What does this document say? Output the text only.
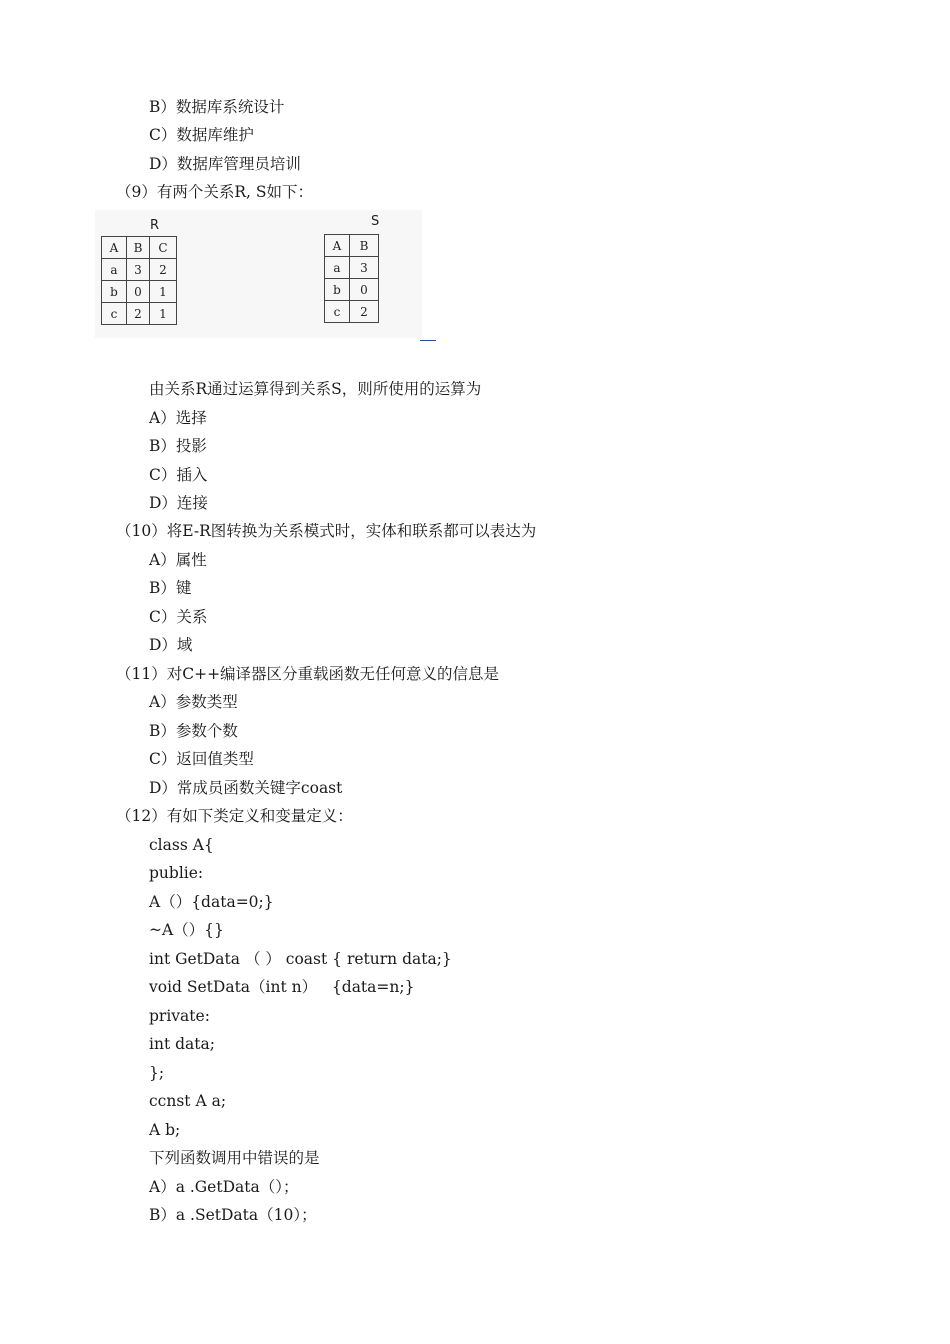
B）数据库系统设计
C）数据库维护
D）数据库管理员培训
（9）有两个关系R, S如下：
R
A	B	C
a	3	2
b	0	1
c	2	1
S
A	B
a	3
b	0
c	2
由关系R通过运算得到关系S，则所使用的运算为
A）选择
B）投影
C）插入
D）连接
（10）将E-R图转换为关系模式时，实体和联系都可以表达为
A）属性
B）键
C）关系
D）域
（11）对C++编译器区分重载函数无任何意义的信息是
A）参数类型
B）参数个数
C）返回值类型
D）常成员函数关键字coast
（12）有如下类定义和变量定义：
class A{
publie:
A（）{data=0;}
~A（）{}
int GetData （ ） coast { return data;}
void SetData（int n）   {data=n;}
private:
int data;
};
ccnst A a;
A b;
下列函数调用中错误的是
A）a .GetData（）；
B）a .SetData（10）；
